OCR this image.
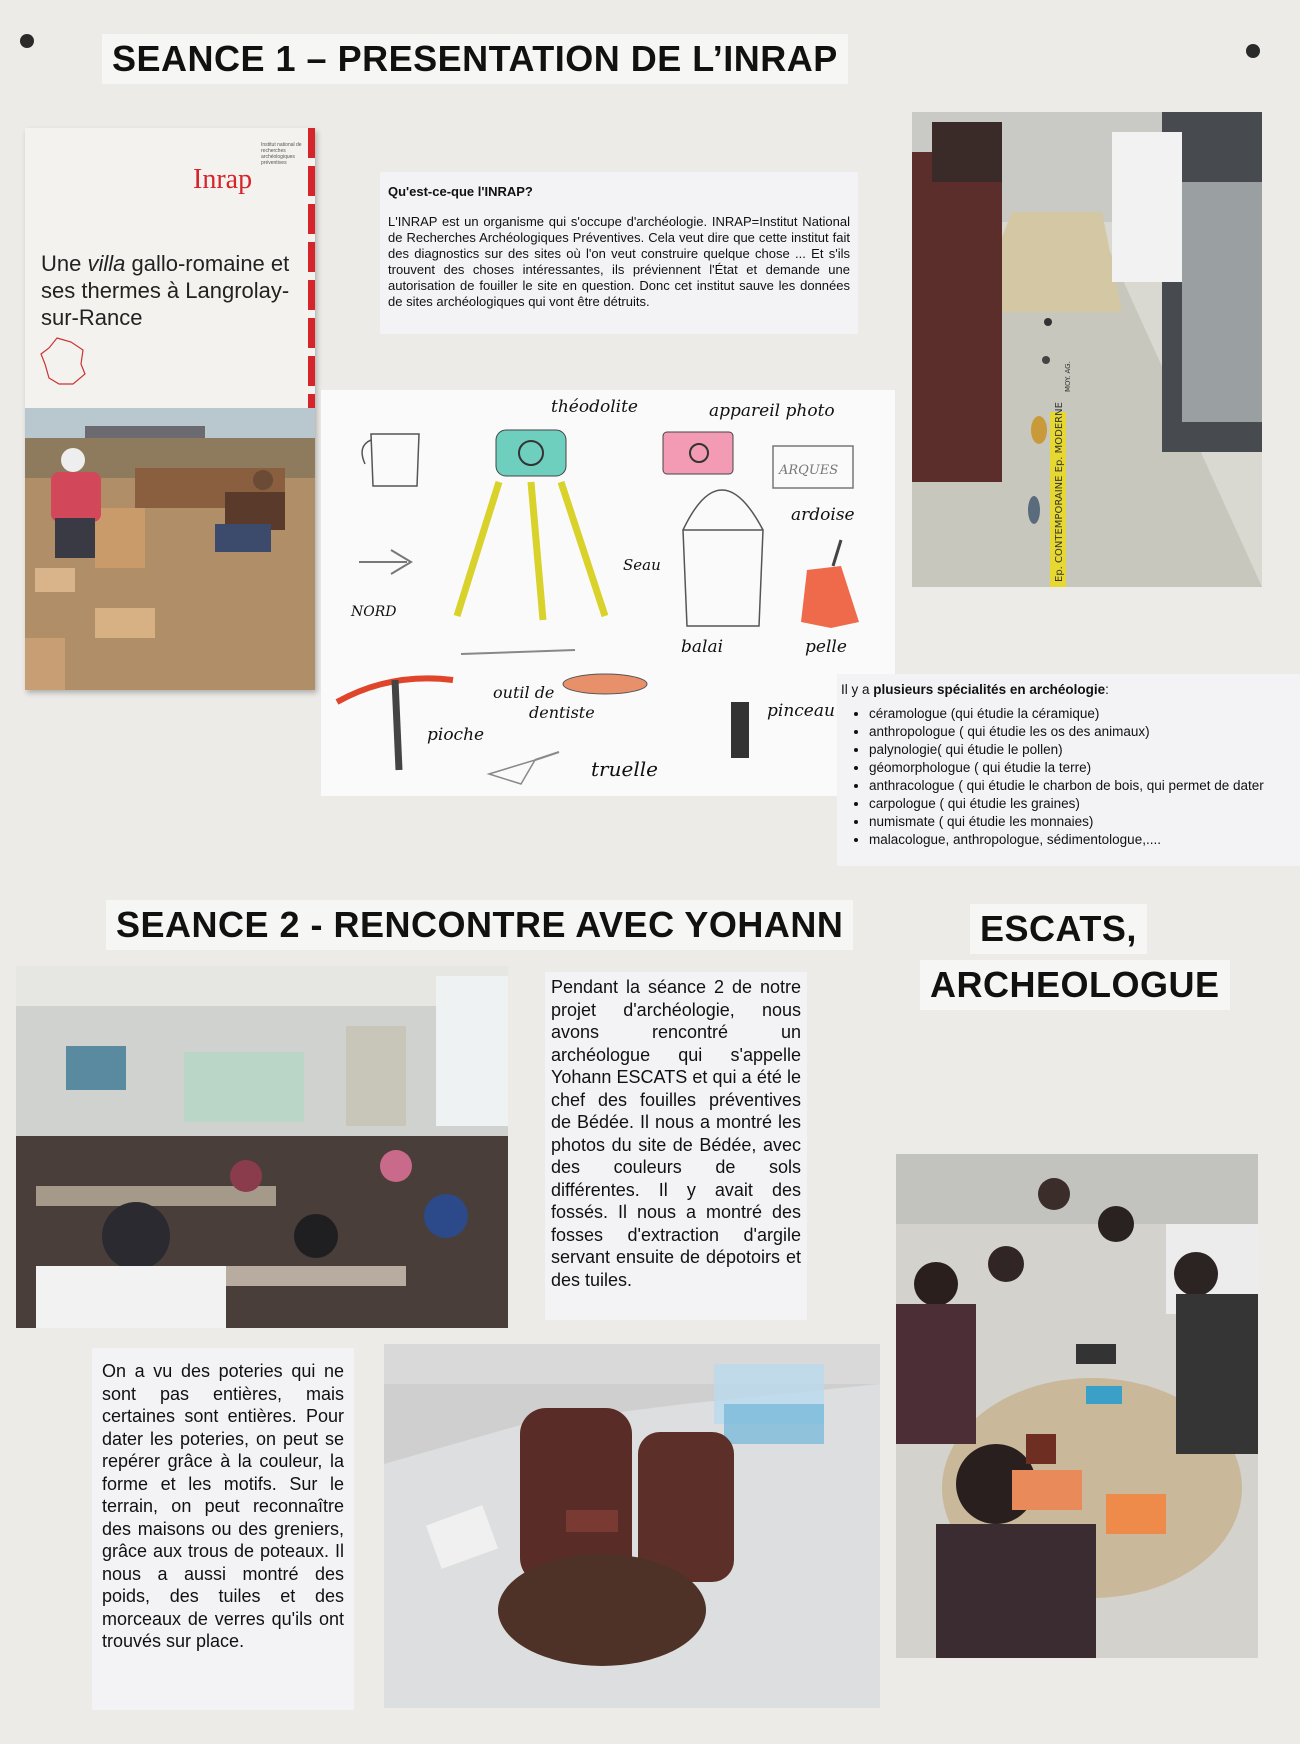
SEANCE 1 – PRESENTATION DE L’INRAP
Inrap
Institut national de recherches archéologiques préventives
Une villa gallo-romaine et ses thermes à Langrolay-sur-Rance
Qu'est-ce-que l'INRAP?
L'INRAP est un organisme qui s'occupe d'archéologie. INRAP=Institut National de Recherches Archéologiques Préventives. Cela veut dire que cette institut fait des diagnostics sur des sites où l'on veut construire quelque chose ... Et s'ils trouvent des choses intéressantes, ils préviennent l'État et demande une autorisation de fouiller le site en question. Donc cet institut sauve les données de sites archéologiques qui vont être détruits.
théodolite	appareil photo
ARQUES
ardoise
Seau
NORD
balai	pelle
outil de
dentiste
pioche
pinceau
truelle
Ep. CONTEMPORAINE Ep. MODERNE
MOY. AG.
Il y a plusieurs spécialités en archéologie:
• céramologue (qui étudie la céramique)
• anthropologue ( qui étudie les os des animaux)
• palynologie( qui étudie le pollen)
• géomorphologue ( qui étudie la terre)
• anthracologue ( qui étudie le charbon de bois, qui permet de dater
• carpologue ( qui étudie les graines)
• numismate ( qui étudie les monnaies)
• malacologue, anthropologue, sédimentologue,....
SEANCE 2 - RENCONTRE AVEC YOHANN	ESCATS,
ARCHEOLOGUE
Pendant la séance 2 de notre projet d'archéologie, nous avons rencontré un archéologue qui s'appelle Yohann ESCATS et qui a été le chef des fouilles préventives de Bédée. Il nous a montré les photos du site de Bédée, avec des couleurs de sols différentes. Il y avait des fossés. Il nous a montré des fosses d'extraction d'argile servant ensuite de dépotoirs et des tuiles.
On a vu des poteries qui ne sont pas entières, mais certaines sont entières. Pour dater les poteries, on peut se repérer grâce à la couleur, la forme et les motifs. Sur le terrain, on peut reconnaître des maisons ou des greniers, grâce aux trous de poteaux. Il nous a aussi montré des poids, des tuiles et des morceaux de verres qu'ils ont trouvés sur place.
